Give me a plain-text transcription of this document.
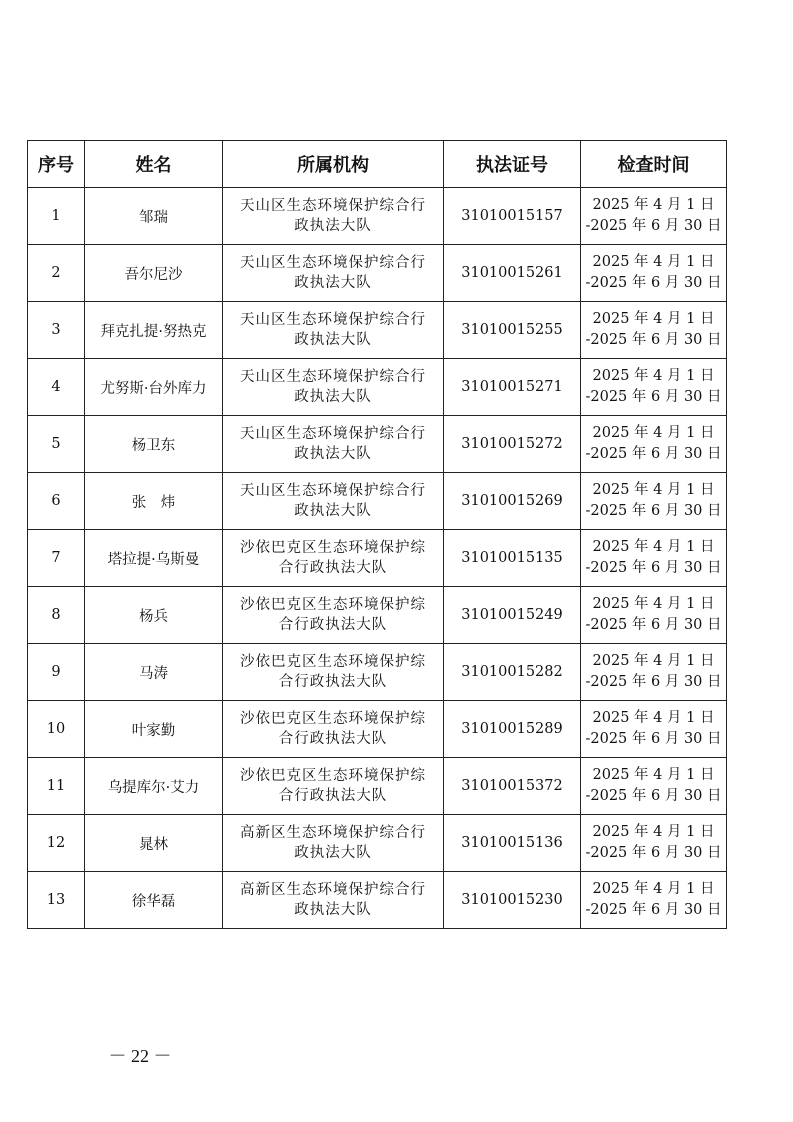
序号	姓名	所属机构	执法证号	检查时间
1	邹瑞	天山区生态环境保护综合行
政执法大队	31010015157	2025 年 4 月 1 日
-2025 年 6 月 30 日
2	吾尔尼沙	天山区生态环境保护综合行
政执法大队	31010015261	2025 年 4 月 1 日
-2025 年 6 月 30 日
3	拜克扎提·努热克	天山区生态环境保护综合行
政执法大队	31010015255	2025 年 4 月 1 日
-2025 年 6 月 30 日
4	尤努斯·台外库力	天山区生态环境保护综合行
政执法大队	31010015271	2025 年 4 月 1 日
-2025 年 6 月 30 日
5	杨卫东	天山区生态环境保护综合行
政执法大队	31010015272	2025 年 4 月 1 日
-2025 年 6 月 30 日
6	张　炜	天山区生态环境保护综合行
政执法大队	31010015269	2025 年 4 月 1 日
-2025 年 6 月 30 日
7	塔拉提·乌斯曼	沙依巴克区生态环境保护综
合行政执法大队	31010015135	2025 年 4 月 1 日
-2025 年 6 月 30 日
8	杨兵	沙依巴克区生态环境保护综
合行政执法大队	31010015249	2025 年 4 月 1 日
-2025 年 6 月 30 日
9	马涛	沙依巴克区生态环境保护综
合行政执法大队	31010015282	2025 年 4 月 1 日
-2025 年 6 月 30 日
10	叶家勤	沙依巴克区生态环境保护综
合行政执法大队	31010015289	2025 年 4 月 1 日
-2025 年 6 月 30 日
11	乌提库尔·艾力	沙依巴克区生态环境保护综
合行政执法大队	31010015372	2025 年 4 月 1 日
-2025 年 6 月 30 日
12	晁林	高新区生态环境保护综合行
政执法大队	31010015136	2025 年 4 月 1 日
-2025 年 6 月 30 日
13	徐华磊	高新区生态环境保护综合行
政执法大队	31010015230	2025 年 4 月 1 日
-2025 年 6 月 30 日
－ 22 －
